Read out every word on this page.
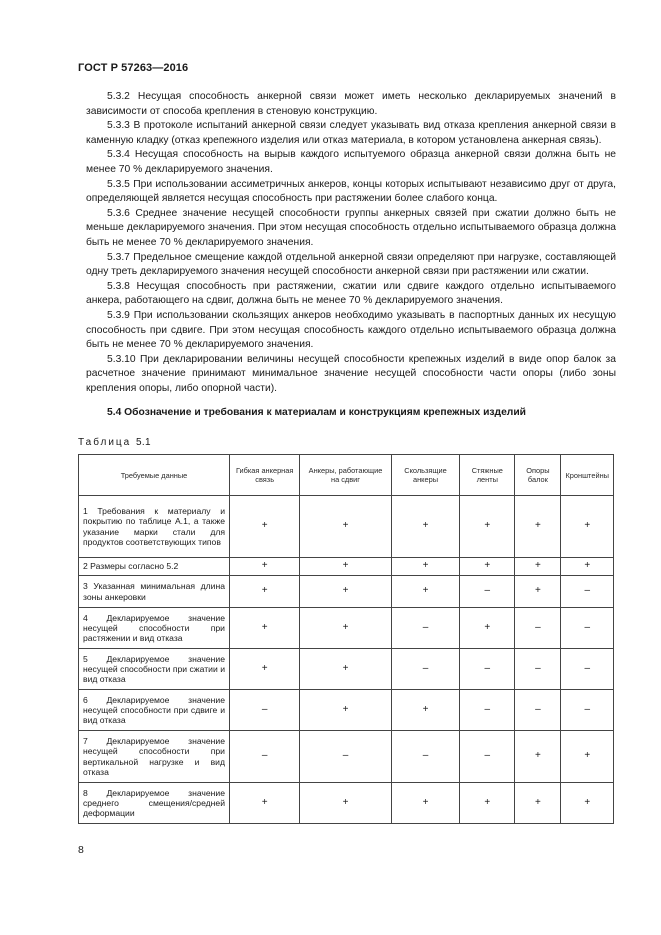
ГОСТ Р 57263—2016

5.3.2 Несущая способность анкерной связи может иметь несколько декларируемых значений в зависимости от способа крепления в стеновую конструкцию.

5.3.3 В протоколе испытаний анкерной связи следует указывать вид отказа крепления анкерной связи в каменную кладку (отказ крепежного изделия или отказ материала, в котором установлена анкерная связь).

5.3.4 Несущая способность на вырыв каждого испытуемого образца анкерной связи должна быть не менее 70 % декларируемого значения.

5.3.5 При использовании ассиметричных анкеров, концы которых испытывают независимо друг от друга, определяющей является несущая способность при растяжении более слабого конца.

5.3.6 Среднее значение несущей способности группы анкерных связей при сжатии должно быть не меньше декларируемого значения. При этом несущая способность отдельно испытываемого образца должна быть не менее 70 % декларируемого значения.

5.3.7 Предельное смещение каждой отдельной анкерной связи определяют при нагрузке, составляющей одну треть декларируемого значения несущей способности анкерной связи при растяжении или сжатии.

5.3.8 Несущая способность при растяжении, сжатии или сдвиге каждого отдельно испытываемого анкера, работающего на сдвиг, должна быть не менее 70 % декларируемого значения.

5.3.9 При использовании скользящих анкеров необходимо указывать в паспортных данных их несущую способность при сдвиге. При этом несущая способность каждого отдельно испытываемого образца должна быть не менее 70 % декларируемого значения.

5.3.10 При декларировании величины несущей способности крепежных изделий в виде опор балок за расчетное значение принимают минимальное значение несущей способности части опоры (либо зоны крепления опоры, либо опорной части).

5.4 Обозначение и требования к материалам и конструкциям крепежных изделий

Таблица 5.1
Требуемые данные	Гибкая анкерная связь	Анкеры, работающие на сдвиг	Скользящие анкеры	Стяжные ленты	Опоры балок	Кронштейны
1 Требования к материалу и покрытию по таблице А.1, а также указание марки стали для продуктов соответствующих типов	+	+	+	+	+	+
2 Размеры согласно 5.2	+	+	+	+	+	+
3 Указанная минимальная длина зоны анкеровки	+	+	+	–	+	–
4 Декларируемое значение несущей способности при растяжении и вид отказа	+	+	–	+	–	–
5 Декларируемое значение несущей способности при сжатии и вид отказа	+	+	–	–	–	–
6 Декларируемое значение несущей способности при сдвиге и вид отказа	–	+	+	–	–	–
7 Декларируемое значение несущей способности при вертикальной нагрузке и вид отказа	–	–	–	–	+	+
8 Декларируемое значение среднего смещения/средней деформации	+	+	+	+	+	+
8
